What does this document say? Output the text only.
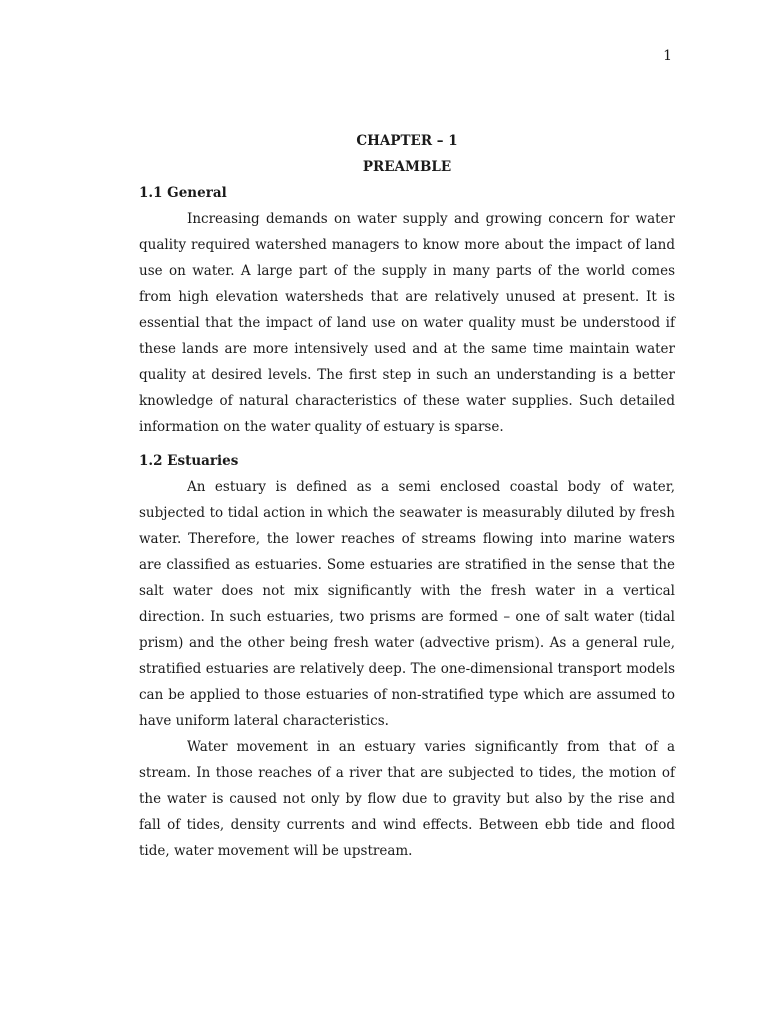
1
CHAPTER – 1
PREAMBLE
1.1 General

Increasing demands on water supply and growing concern for water quality required watershed managers to know more about the impact of land use on water. A large part of the supply in many parts of the world comes from high elevation watersheds that are relatively unused at present. It is essential that the impact of land use on water quality must be understood if these lands are more intensively used and at the same time maintain water quality at desired levels. The first step in such an understanding is a better knowledge of natural characteristics of these water supplies. Such detailed information on the water quality of estuary is sparse.

1.2 Estuaries

An estuary is defined as a semi enclosed coastal body of water, subjected to tidal action in which the seawater is measurably diluted by fresh water. Therefore, the lower reaches of streams flowing into marine waters are classified as estuaries. Some estuaries are stratified in the sense that the salt water does not mix significantly with the fresh water in a vertical direction. In such estuaries, two prisms are formed – one of salt water (tidal prism) and the other being fresh water (advective prism). As a general rule, stratified estuaries are relatively deep. The one-dimensional transport models can be applied to those estuaries of non-stratified type which are assumed to have uniform lateral characteristics.

Water movement in an estuary varies significantly from that of a stream. In those reaches of a river that are subjected to tides, the motion of the water is caused not only by flow due to gravity but also by the rise and fall of tides, density currents and wind effects. Between ebb tide and flood tide, water movement will be upstream.
